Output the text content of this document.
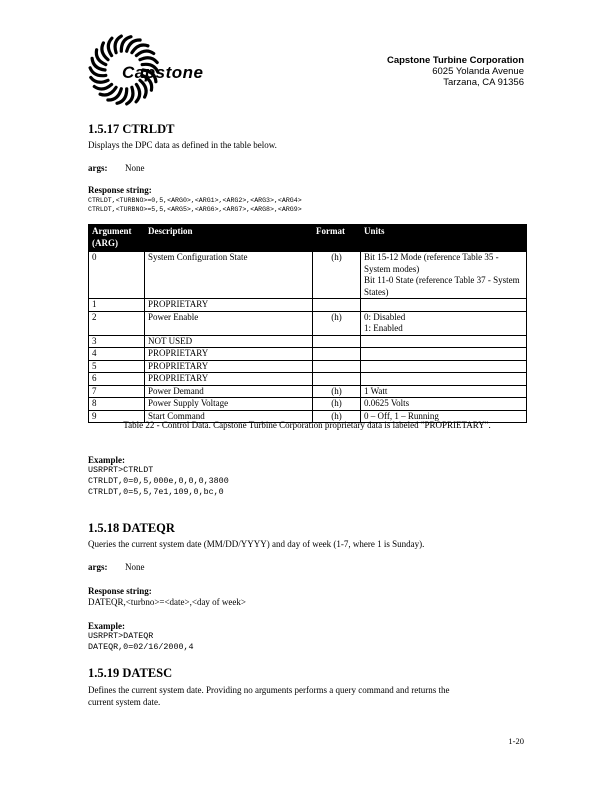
Capstone
Capstone Turbine Corporation
6025 Yolanda Avenue
Tarzana, CA 91356
1.5.17 CTRLDT
Displays the DPC data as defined in the table below.
args: None
Response string:
CTRLDT,<TURBNO>=0,5,<ARG0>,<ARG1>,<ARG2>,<ARG3>,<ARG4>
CTRLDT,<TURBNO>=5,5,<ARG5>,<ARG6>,<ARG7>,<ARG8>,<ARG9>
Argument (ARG)	Description	Format	Units
0	System Configuration State	(h)	Bit 15-12 Mode (reference Table 35 - System modes)
Bit 11-0 State (reference Table 37 - System States)

1	PROPRIETARY		
2	Power Enable	(h)	0: Disabled
1: Enabled

3	NOT USED		
4	PROPRIETARY		
5	PROPRIETARY		
6	PROPRIETARY		
7	Power Demand	(h)	1 Watt

8	Power Supply Voltage	(h)	0.0625 Volts

9	Start Command	(h)	0 – Off, 1 – Running
Table 22 - Control Data. Capstone Turbine Corporation proprietary data is labeled "PROPRIETARY".
Example:
USRPRT>CTRLDT
CTRLDT,0=0,5,000e,0,0,0,3800
CTRLDT,0=5,5,7e1,109,0,bc,0
1.5.18 DATEQR
Queries the current system date (MM/DD/YYYY) and day of week (1-7, where 1 is Sunday).
args: None
Response string:
DATEQR,<turbno>=<date>,<day of week>
Example:
USRPRT>DATEQR
DATEQR,0=02/16/2000,4
1.5.19 DATESC
Defines the current system date. Providing no arguments performs a query command and returns the
current system date.
1-20
